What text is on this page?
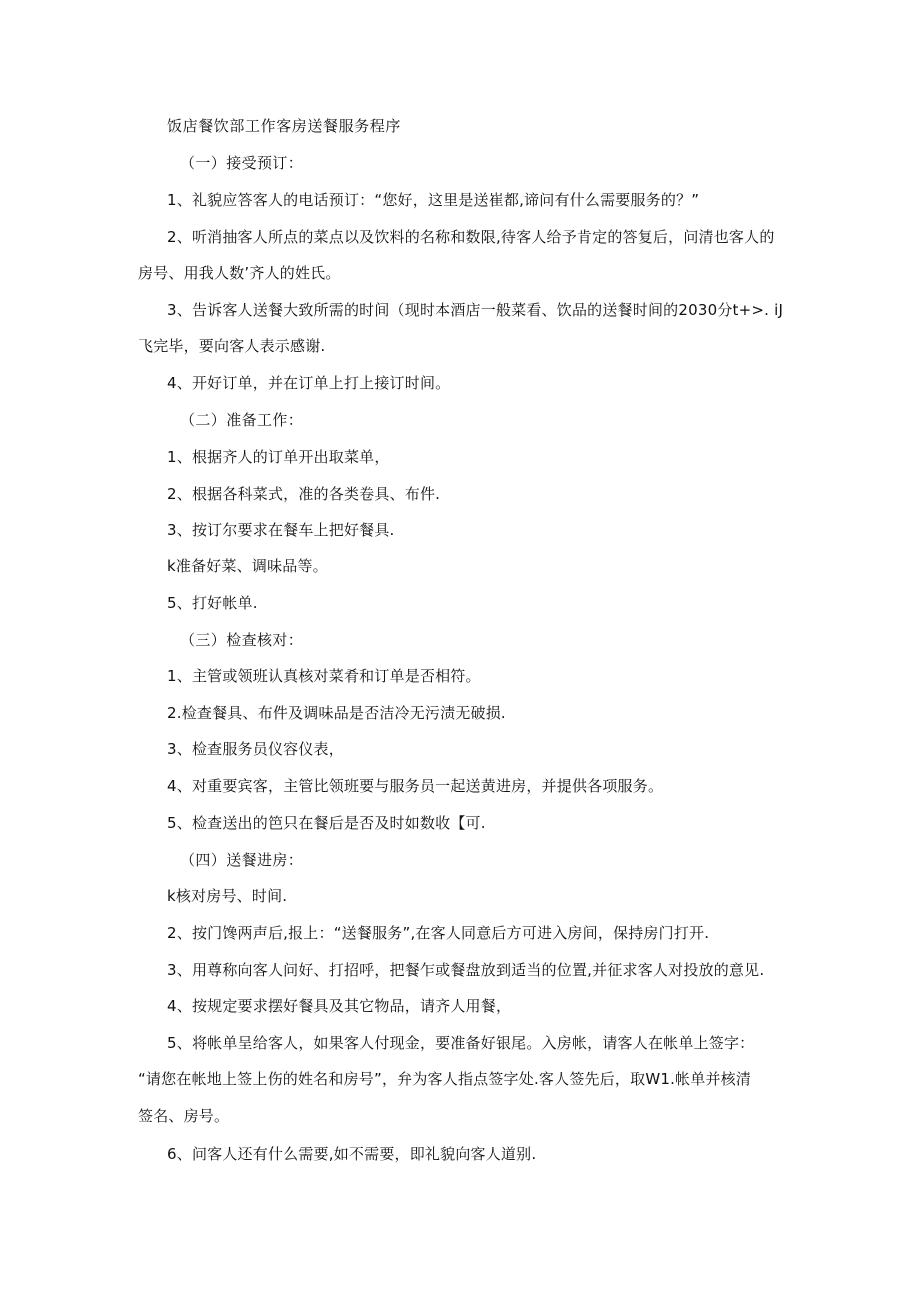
饭店餐饮部工作客房送餐服务程序
（一）接受预订：
1、礼貌应答客人的电话预订：“您好，这里是送崔都,谛问有什么需要服务的？”
2、听消抽客人所点的菜点以及饮料的名称和数限,待客人给予肯定的答复后，问清也客人的
房号、用我人数’齐人的姓氏。
3、告诉客人送餐大致所需的时间（现时本酒店一般菜看、饮品的送餐时间的2030分t+>. iJ
飞完毕，要向客人表示感谢.
4、开好订单，并在订单上打上接订时间。
（二）准备工作：
1、根据齐人的订单开出取菜单，
2、根据各科菜式，准的各类卷具、布件.
3、按订尔要求在餐车上把好餐具.
k准备好菜、调味品等。
5、打好帐单.
（三）检查核对：
1、主管或领班认真核对菜肴和订单是否相符。
2.检查餐具、布件及调味品是否洁冷无污渍无破损.
3、检查服务员仪容仪表，
4、对重要宾客，主管比领班要与服务员一起送黄进房，并提供各项服务。
5、检查送出的笆只在餐后是否及时如数收【可.
（四）送餐进房：
k核对房号、时间.
2、按门馋两声后,报上：“送餐服务”,在客人同意后方可进入房间，保持房门打开.
3、用尊称向客人问好、打招呼，把餐乍或餐盘放到适当的位置,并征求客人对投放的意见.
4、按规定要求摆好餐具及其它物品，请齐人用餐，
5、将帐单呈给客人，如果客人付现金，要准备好银尾。入房帐，请客人在帐单上签字：
“请您在帐地上签上伤的姓名和房号”，弁为客人指点签字处.客人签先后，取W1.帐单并核清
签名、房号。
6、问客人还有什么需要,如不需要，即礼貌向客人道别.
